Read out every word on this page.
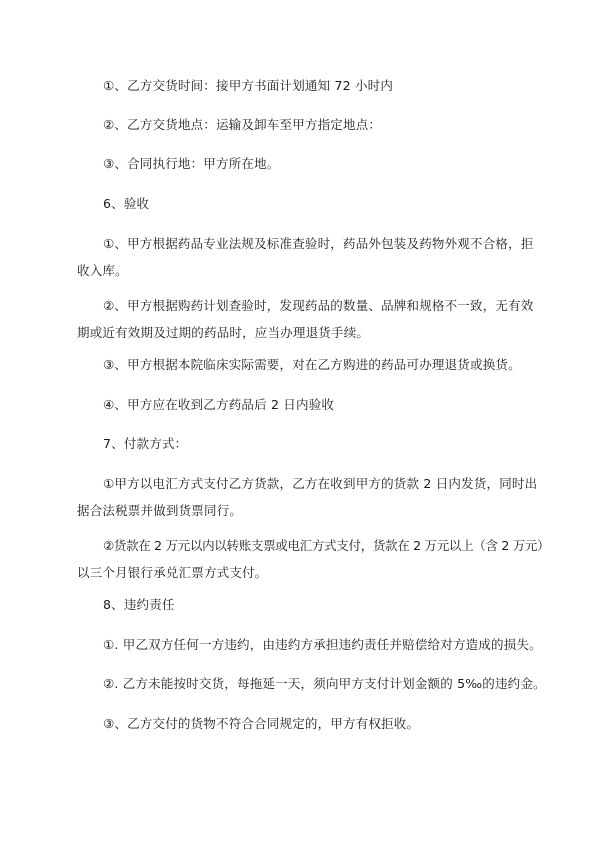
①、乙方交货时间：接甲方书面计划通知 72 小时内
②、乙方交货地点：运输及卸车至甲方指定地点：
③、合同执行地：甲方所在地。
6、验收
①、甲方根据药品专业法规及标准查验时，药品外包装及药物外观不合格，拒
收入库。
②、甲方根据购药计划查验时，发现药品的数量、品牌和规格不一致，无有效
期或近有效期及过期的药品时，应当办理退货手续。
③、甲方根据本院临床实际需要，对在乙方购进的药品可办理退货或换货。
④、甲方应在收到乙方药品后 2 日内验收
7、付款方式：
①甲方以电汇方式支付乙方货款，乙方在收到甲方的货款 2 日内发货，同时出
据合法税票并做到货票同行。
②货款在 2 万元以内以转账支票或电汇方式支付，货款在 2 万元以上（含 2 万元）
以三个月银行承兑汇票方式支付。
8、违约责任
①. 甲乙双方任何一方违约，由违约方承担违约责任并赔偿给对方造成的损失。
②. 乙方未能按时交货，每拖延一天，须向甲方支付计划金额的 5‰的违约金。
③、乙方交付的货物不符合合同规定的，甲方有权拒收。
